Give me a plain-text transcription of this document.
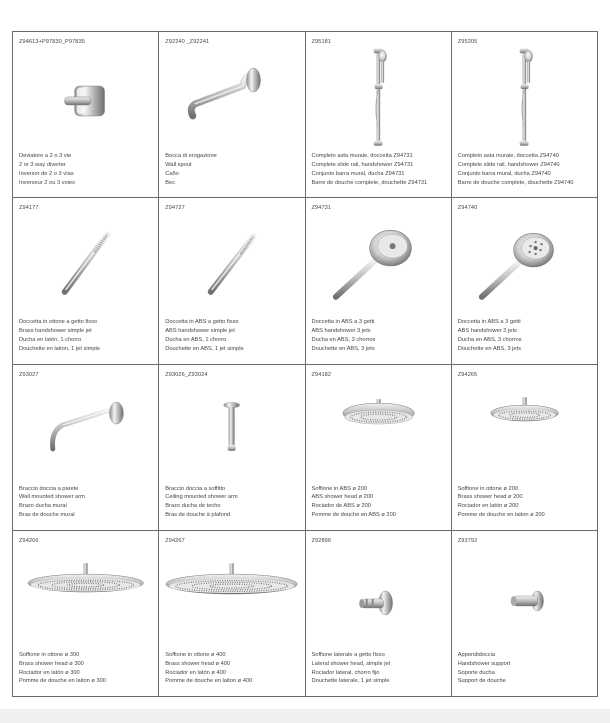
Z94613+P97830_P97835
Deviatore a 2 o 3 vie
2 or 3 way diverter
Inversor de 2 o 3 vías
Inverseur 2 ou 3 voies
Z92240 _Z92241
Bocca di erogazione
Wall spout
Caño
Bec
Z95181
Completo asta murale, doccetta Z94731
Complete slide rail, handshower Z94731
Conjunto barra mural, ducha Z94731
Barre de douche complete, douchette Z94731
Z95205
Completo asta murale, doccetta Z94740
Complete slide rail, handshower Z94740
Conjunto barra mural, ducha Z94740
Barre de douche complete, douchette Z94740
Z94177
Doccetta in ottone a getto fisso
Brass handshower simple jet
Ducha en latón, 1 chorro
Douchette en laiton, 1 jet simple
Z94727
Doccetta in ABS a getto fisso
ABS handshower simple jet
Ducha en ABS, 1 chorro
Douchette en ABS, 1 jet simple
Z94731
Doccetta in ABS a 3 getti
ABS handshower 3 jets
Ducha en ABS, 3 chorros
Douchette en ABS, 3 jets
Z94740
Doccetta in ABS a 3 getti
ABS handshower 3 jets
Ducha en ABS, 3 chorros
Douchette en ABS, 3 jets
Z93027
Braccio doccia a parete
Wall mounted shower arm
Brazo ducha mural
Bras de douche mural
Z93026_Z93024
Braccio doccia a soffitto
Ceiling mounted shower arm
Brazo ducha de techo
Bras de douche à plafond
Z94182
Soffione in ABS ø 200
ABS shower head ø 200
Rociador de ABS ø 200
Pomme de douche en ABS ø 200
Z94265
Soffione in ottone ø 200
Brass shower head ø 200
Rociador en latón ø 200
Pomme de douche en laiton ø 200
Z94266
Soffione in ottone ø 300
Brass shower head ø 300
Rociador en latón ø 300
Pomme de douche en laiton ø 300
Z94267
Soffione in ottone ø 400
Brass shower head ø 400
Rociador en latón ø 400
Pomme de douche en laiton ø 400
Z92896
Soffione laterale a getto fisso
Lateral shower head, simple jet
Rociador lateral, chorro fijo
Douchette laterale, 1 jet simple
Z93792
Appendidoccia
Handshower support
Soporte ducha
Support de douche
